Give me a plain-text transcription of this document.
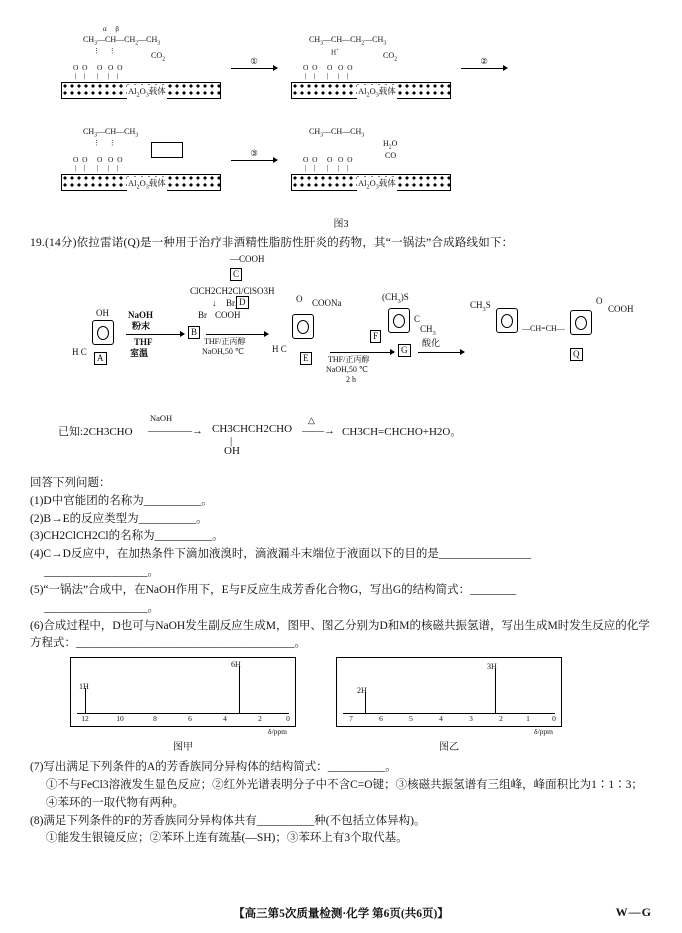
$CH_3—CH—CH_2—CH_3$
α     β
⋮     ⋮	$CO_2$
O  O     O   O  O
|    |      |     |    |
$Al_2O_3$载体
①
$CH_3—CH—CH_2—CH_3$
H+
$CO_2$
O  O     O   O  O
|    |      |     |    |
$Al_2O_3$载体
②
$CH_3—CH—CH_3$
⋮     ⋮
O  O     O   O  O
|    |      |     |    |
$Al_2O_3$载体
③
$CH_3—CH—CH_3$
$H_2O$
CO
O  O     O   O  O
|    |      |     |    |
$Al_2O_3$载体
图3
19.(14分)依拉雷诺(Q)是一种用于治疗非酒精性脂肪性肝炎的药物，其“一锅法”合成路线如下：
—COOH
C
ClCH2CH2Cl/ClSO3H
↓ Br
Br COOH
D
OH
H C
A
NaOH
粉末
THF
室温
B
THF/正丙醇
NaOH,50 ℃
O COONa
H C
E
$(CH_3)S$
C
$CH_3$
F
THF/正丙醇
NaOH,50 ℃
2 h
G
酸化
$CH_3S$
—CH=CH—
O
COOH
Q
已知:2CH3CHO
NaOH
————→ CH3CHCH2CHO
△
——→ CH3CH=CHCHO+H2O。
|
OH

回答下列问题：

(1)D中官能团的名称为__________。

(2)B→E的反应类型为__________。

(3)CH2ClCH2Cl的名称为__________。

(4)C→D反应中，在加热条件下滴加液溴时，滴液漏斗末端位于液面以下的目的是________________

__________________。

(5)“一锅法”合成中，在NaOH作用下，E与F反应生成芳香化合物G，写出G的结构简式：________

__________________。

(6)合成过程中，D也可与NaOH发生副反应生成M，图甲、图乙分别为D和M的核磁共振氢谱，写出生成M时发生反应的化学方程式：______________________________________。

1H
6H
12	10	8	6	4	2	0
δ/ppm
图甲
2H
3H
7	6	5	4	3	2	1	0
δ/ppm
图乙

(7)写出满足下列条件的A的芳香族同分异构体的结构简式：__________。

①不与FeCl3溶液发生显色反应；②红外光谱表明分子中不含C=O键；③核磁共振氢谱有三组峰，峰面积比为1∶1∶3；④苯环的一取代物有两种。

(8)满足下列条件的F的芳香族同分异构体共有__________种(不包括立体异构)。

①能发生银镜反应；②苯环上连有巯基(—SH)；③苯环上有3个取代基。

【高三第5次质量检测·化学 第6页(共6页)】	W—G
